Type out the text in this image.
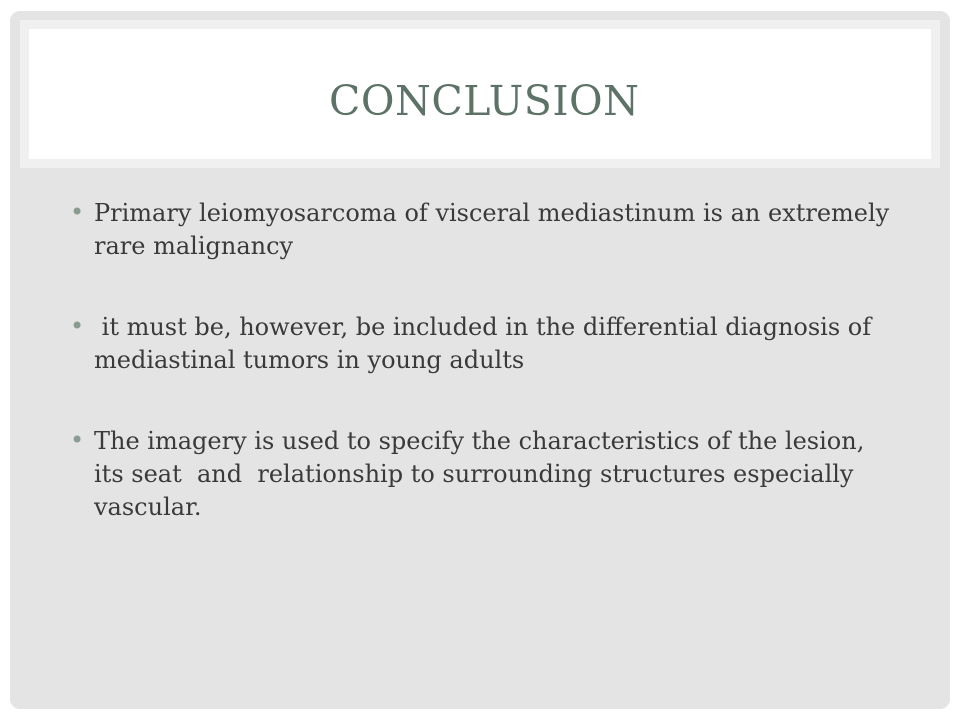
CONCLUSION
• Primary leiomyosarcoma of visceral mediastinum is an extremely rare malignancy
• it must be, however, be included in the differential diagnosis of mediastinal tumors in young adults
• The imagery is used to specify the characteristics of the lesion, its seat  and  relationship to surrounding structures especially vascular.
